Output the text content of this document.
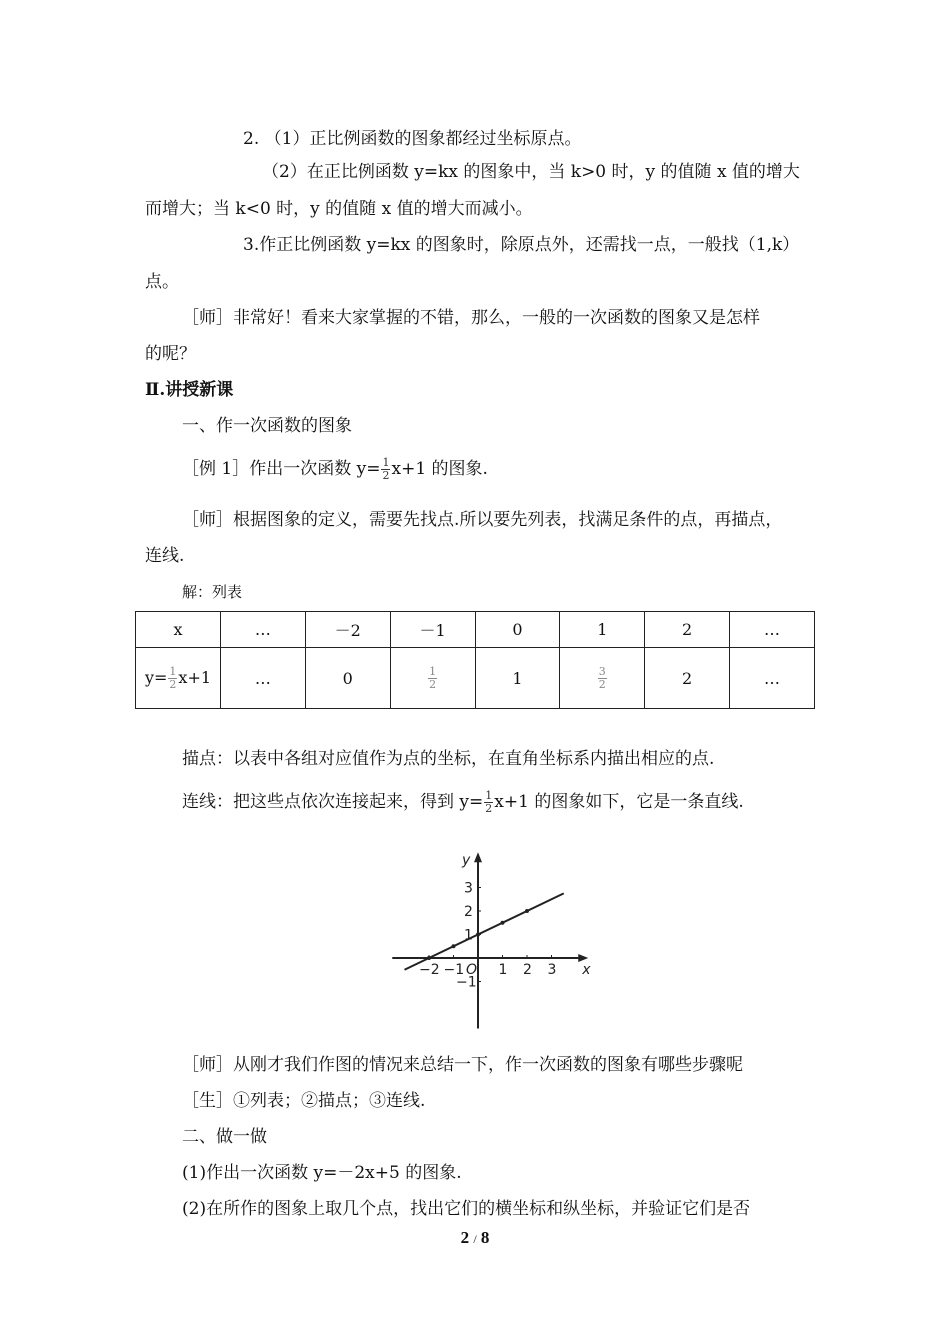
2. （1）正比例函数的图象都经过坐标原点。
（2）在正比例函数 y=kx 的图象中，当 k>0 时，y 的值随 x 值的增大
而增大；当 k<0 时，y 的值随 x 值的增大而减小。
3.作正比例函数 y=kx 的图象时，除原点外，还需找一点，一般找（1,k）
点。
［师］非常好！看来大家掌握的不错，那么，一般的一次函数的图象又是怎样
的呢？
Ⅱ.讲授新课
一、作一次函数的图象
［例 1］作出一次函数 $y= \frac{1}{2} x+1$ 的图象.
［师］根据图象的定义，需要先找点.所以要先列表，找满足条件的点，再描点，
连线.
解：列表
x	…	－2	－1	0	1	2	…
$y= \frac{1}{2} x+1$	…	0	$\frac{1}{2}$	1	$\frac{3}{2}$	2	…
描点：以表中各组对应值作为点的坐标，在直角坐标系内描出相应的点.
连线：把这些点依次连接起来，得到 $y= \frac{1}{2} x+1$ 的图象如下，它是一条直线.
x
y
O
−2 −1 1 2 3
3
2
1
−1
［师］从刚才我们作图的情况来总结一下，作一次函数的图象有哪些步骤呢
［生］①列表；②描点；③连线.
二、做一做
(1)作出一次函数 y=－2x+5 的图象.
(2)在所作的图象上取几个点，找出它们的横坐标和纵坐标，并验证它们是否
2 / 8
